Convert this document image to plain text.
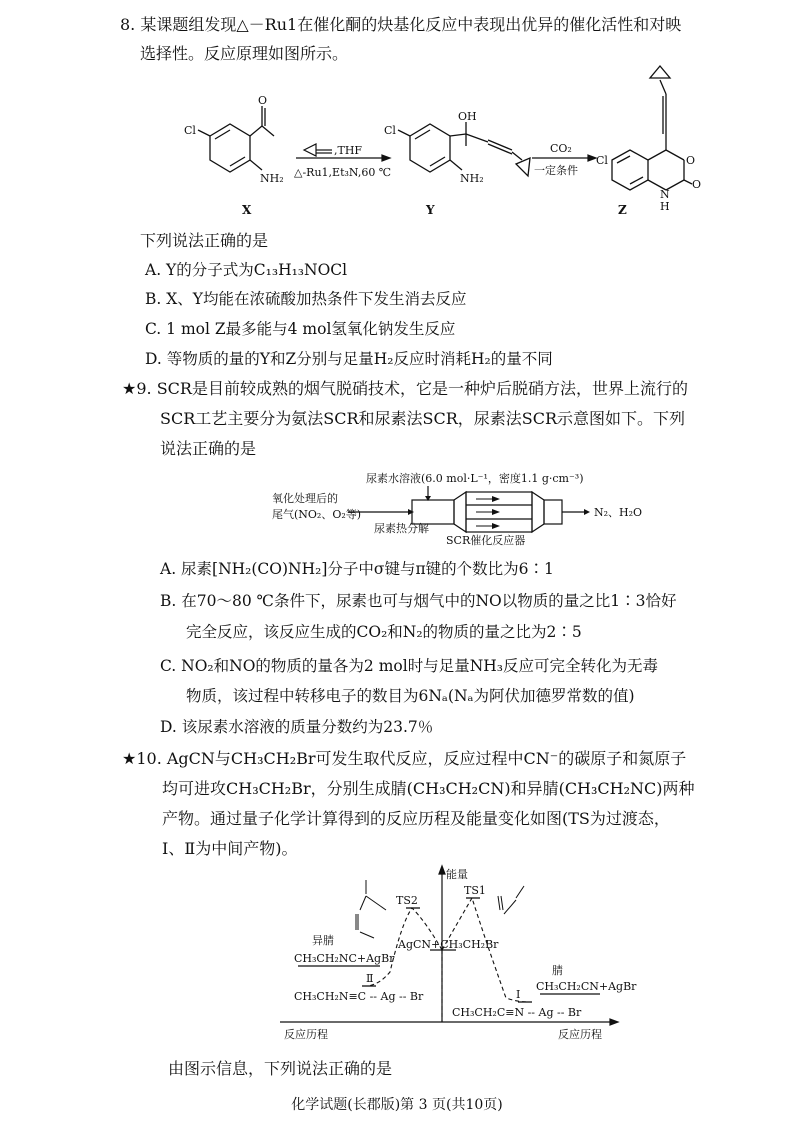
8. 某课题组发现△－Ru1在催化酮的炔基化反应中表现出优异的催化活性和对映
选择性。反应原理如图所示。
Cl
O
NH₂
X
,THF
△-Ru1,Et₃N,60 ℃
Cl
OH
NH₂
Y
CO₂
一定条件
Cl	O
O
N
H
Z
下列说法正确的是
A. Y的分子式为C₁₃H₁₃NOCl
B. X、Y均能在浓硫酸加热条件下发生消去反应
C. 1 mol Z最多能与4 mol氢氧化钠发生反应
D. 等物质的量的Y和Z分别与足量H₂反应时消耗H₂的量不同
★9. SCR是目前较成熟的烟气脱硝技术，它是一种炉后脱硝方法，世界上流行的
SCR工艺主要分为氨法SCR和尿素法SCR，尿素法SCR示意图如下。下列
说法正确的是
尿素水溶液(6.0 mol·L⁻¹，密度1.1 g·cm⁻³)
氧化处理后的
尾气(NO₂、O₂等)
尿素热分解
SCR催化反应器
N₂、H₂O
A. 尿素[NH₂(CO)NH₂]分子中σ键与π键的个数比为6∶1
B. 在70～80 ℃条件下，尿素也可与烟气中的NO以物质的量之比1∶3恰好
完全反应，该反应生成的CO₂和N₂的物质的量之比为2∶5
C. NO₂和NO的物质的量各为2 mol时与足量NH₃反应可完全转化为无毒
物质，该过程中转移电子的数目为6Nₐ(Nₐ为阿伏加德罗常数的值)
D. 该尿素水溶液的质量分数约为23.7％
★10. AgCN与CH₃CH₂Br可发生取代反应，反应过程中CN⁻的碳原子和氮原子
均可进攻CH₃CH₂Br，分别生成腈(CH₃CH₂CN)和异腈(CH₃CH₂NC)两种
产物。通过量子化学计算得到的反应历程及能量变化如图(TS为过渡态，
Ⅰ、Ⅱ为中间产物)。
能量
TS2
TS1
AgCN+CH₃CH₂Br
异腈
CH₃CH₂NC+AgBr
Ⅱ
CH₃CH₂N≡C -- Ag -- Br
腈
CH₃CH₂CN+AgBr
Ⅰ
CH₃CH₂C≡N -- Ag -- Br
反应历程	反应历程
由图示信息，下列说法正确的是
化学试题(长郡版)第 3 页(共10页)
